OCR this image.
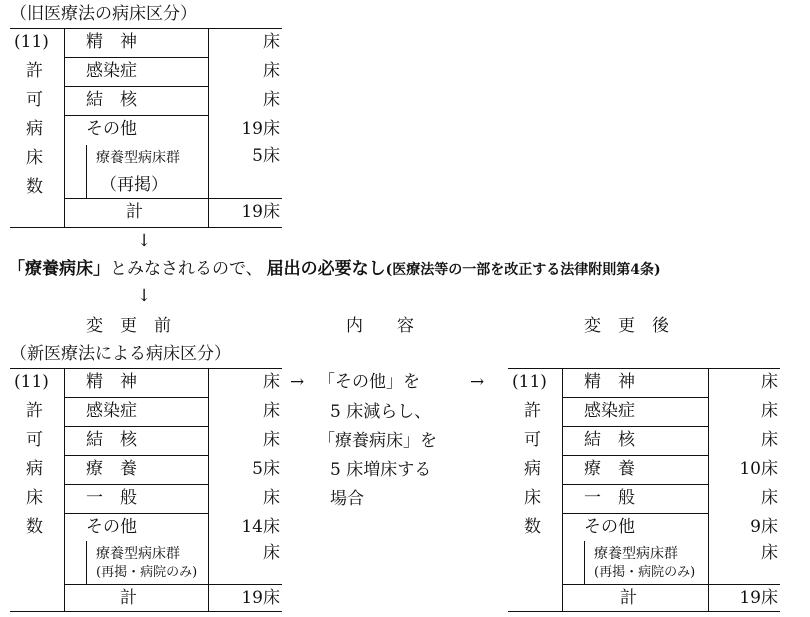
（旧医療法の病床区分）
(11)
許
可
病
床
数
精　神	床
感染症	床
結　核	床
その他	19床
療養型病床群	5床
（再掲）
計	19床
↓
「療養病床」とみなされるので、 届出の必要なし(医療法等の一部を改正する法律附則第4条)
↓
変　更　前	内　　容	変　更　後
（新医療法による病床区分）
(11)
許
可
病
床
数
精　神	床
感染症	床
結　核	床
療　養	5床
一　般	床
その他	14床
療養型病床群	床
(再掲・病院のみ)
計	19床
→ 「その他」を	→
5 床減らし、
「療養病床」を
5 床増床する
場合
(11)
許
可
病
床
数
精　神	床
感染症	床
結　核	床
療　養	10床
一　般	床
その他	9床
療養型病床群	床
(再掲・病院のみ)
計	19床
